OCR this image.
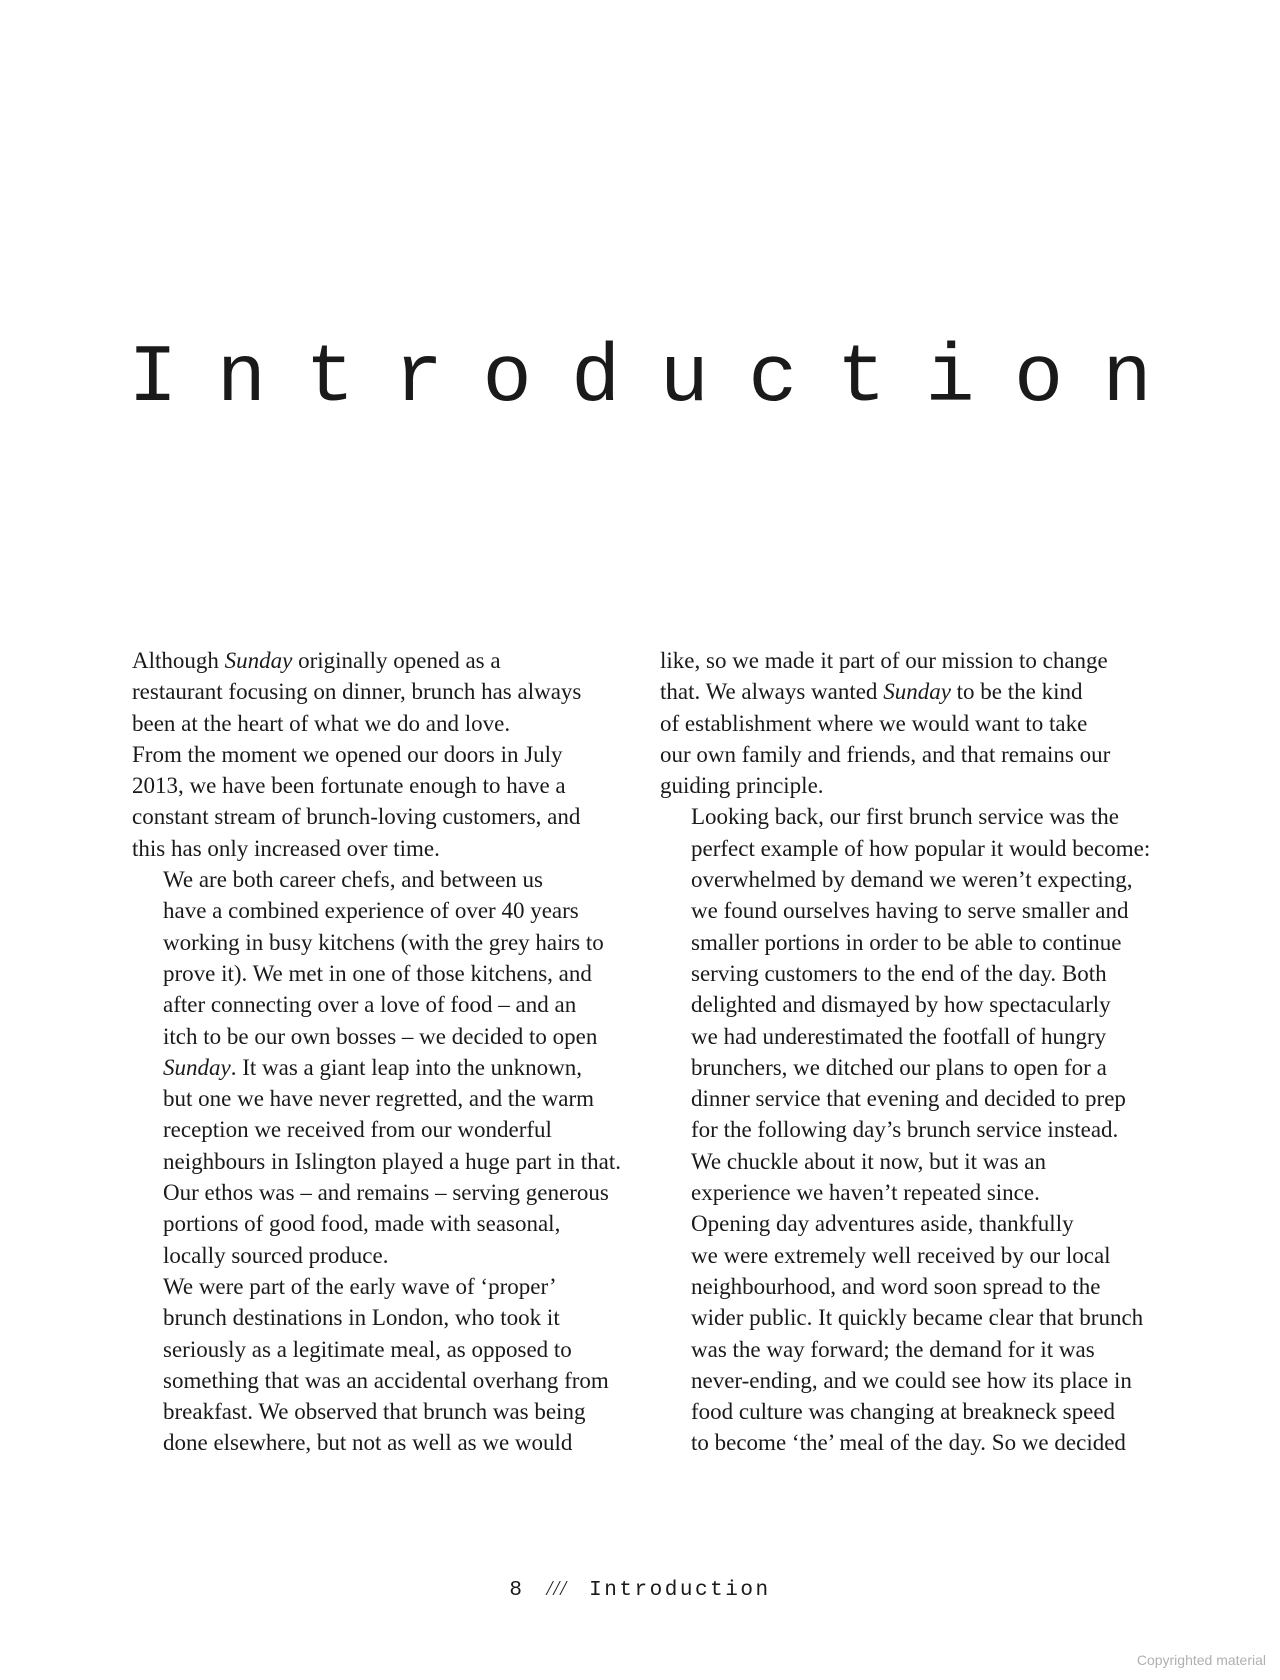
Introduction

Although Sunday originally opened as a
restaurant focusing on dinner, brunch has always
been at the heart of what we do and love.
From the moment we opened our doors in July
2013, we have been fortunate enough to have a
constant stream of brunch-loving customers, and
this has only increased over time.

We are both career chefs, and between us
have a combined experience of over 40 years
working in busy kitchens (with the grey hairs to
prove it). We met in one of those kitchens, and
after connecting over a love of food – and an
itch to be our own bosses – we decided to open
Sunday. It was a giant leap into the unknown,
but one we have never regretted, and the warm
reception we received from our wonderful
neighbours in Islington played a huge part in that.
Our ethos was – and remains – serving generous
portions of good food, made with seasonal,
locally sourced produce.

We were part of the early wave of ‘proper’
brunch destinations in London, who took it
seriously as a legitimate meal, as opposed to
something that was an accidental overhang from
breakfast. We observed that brunch was being
done elsewhere, but not as well as we would

like, so we made it part of our mission to change
that. We always wanted Sunday to be the kind
of establishment where we would want to take
our own family and friends, and that remains our
guiding principle.

Looking back, our first brunch service was the
perfect example of how popular it would become:
overwhelmed by demand we weren’t expecting,
we found ourselves having to serve smaller and
smaller portions in order to be able to continue
serving customers to the end of the day. Both
delighted and dismayed by how spectacularly
we had underestimated the footfall of hungry
brunchers, we ditched our plans to open for a
dinner service that evening and decided to prep
for the following day’s brunch service instead.
We chuckle about it now, but it was an
experience we haven’t repeated since.

Opening day adventures aside, thankfully
we were extremely well received by our local
neighbourhood, and word soon spread to the
wider public. It quickly became clear that brunch
was the way forward; the demand for it was
never-ending, and we could see how its place in
food culture was changing at breakneck speed
to become ‘the’ meal of the day. So we decided

8 /// Introduction
Copyrighted material
